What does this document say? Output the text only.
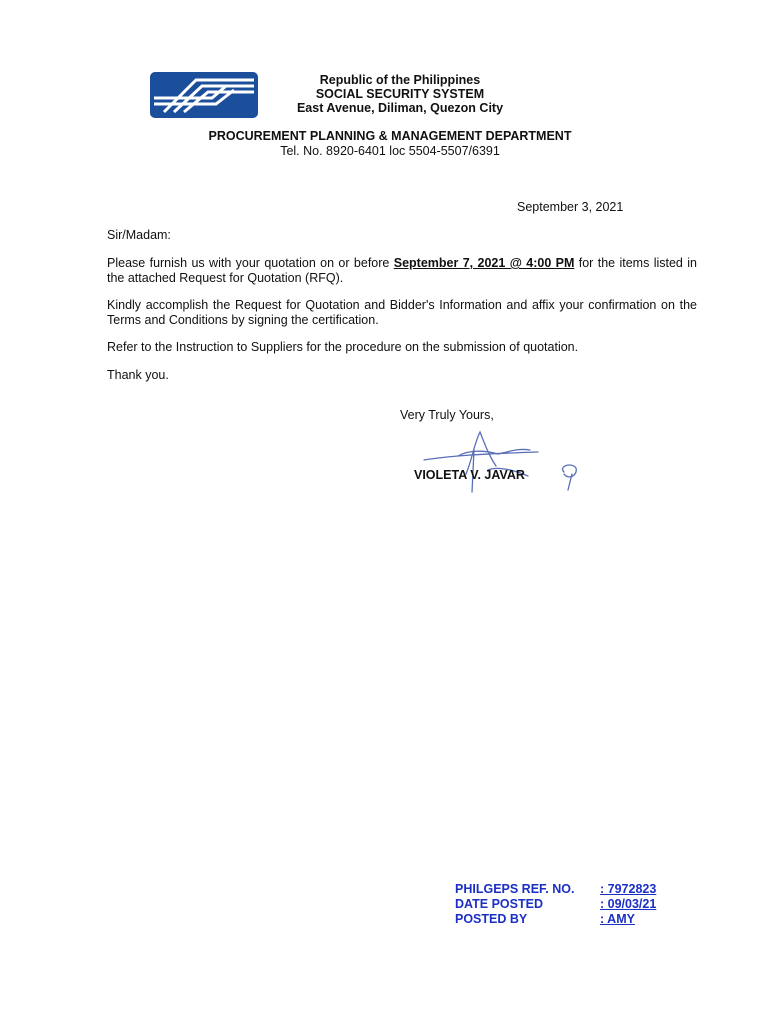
Republic of the Philippines
SOCIAL SECURITY SYSTEM
East Avenue, Diliman, Quezon City
PROCUREMENT PLANNING & MANAGEMENT DEPARTMENT
Tel. No. 8920-6401 loc 5504-5507/6391
September 3, 2021
Sir/Madam:
Please furnish us with your quotation on or before September 7, 2021 @ 4:00 PM for the items listed in the attached Request for Quotation (RFQ).
Kindly accomplish the Request for Quotation and Bidder's Information and affix your confirmation on the Terms and Conditions by signing the certification.
Refer to the Instruction to Suppliers for the procedure on the submission of quotation.
Thank you.
Very Truly Yours,
VIOLETA V. JAVAR
PHILGEPS REF. NO. : 7972823
DATE POSTED	: 09/03/21
POSTED BY	: AMY
